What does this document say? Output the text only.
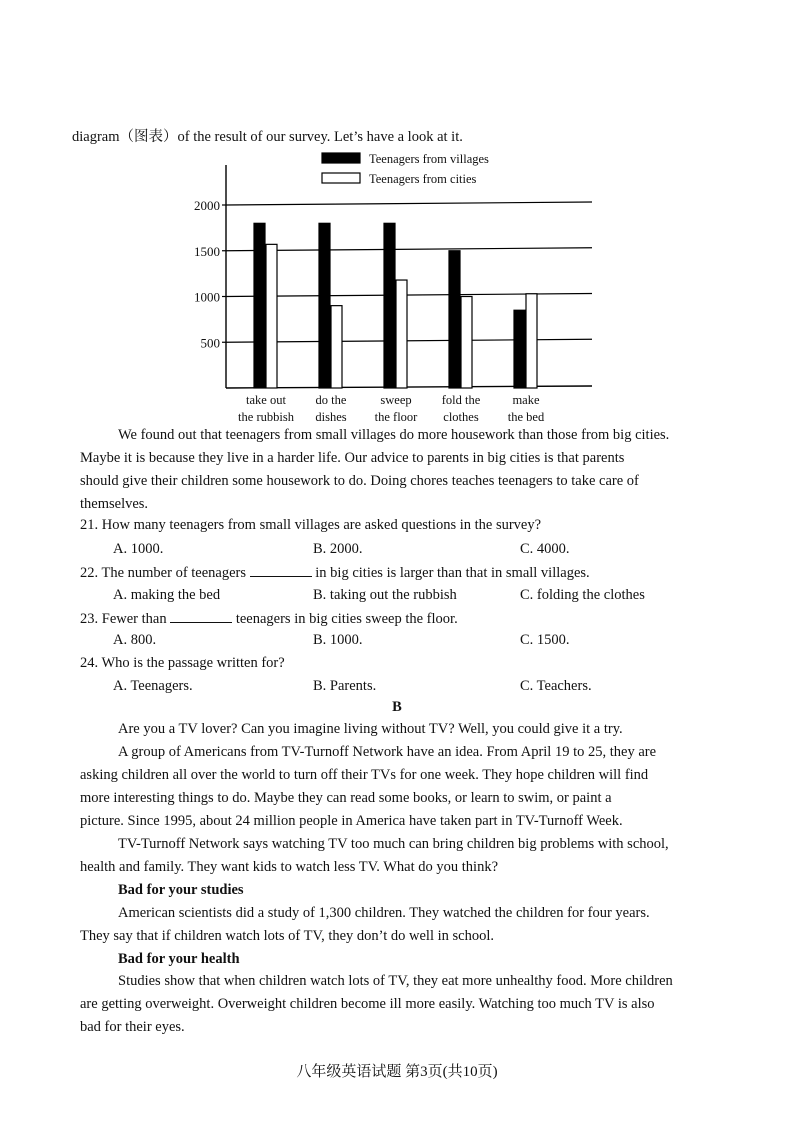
diagram（图表）of the result of our survey. Let’s have a look at it.
Teenagers from villages
Teenagers from cities
500
1000
1500
2000
take out
the rubbish
do the
dishes
sweep
the floor
fold the
clothes
make
the bed
We found out that teenagers from small villages do more housework than those from big cities.
Maybe it is because they live in a harder life. Our advice to parents in big cities is that parents
should give their children some housework to do. Doing chores teaches teenagers to take care of
themselves.
21. How many teenagers from small villages are asked questions in the survey?
A. 1000.	B. 2000.	C. 4000.
22. The number of teenagers	in big cities is larger than that in small villages.
A. making the bed	B. taking out the rubbish	C. folding the clothes
23. Fewer than	teenagers in big cities sweep the floor.
A. 800.	B. 1000.	C. 1500.
24. Who is the passage written for?
A. Teenagers.	B. Parents.	C. Teachers.
B
Are you a TV lover? Can you imagine living without TV? Well, you could give it a try.
A group of Americans from TV-Turnoff Network have an idea. From April 19 to 25, they are
asking children all over the world to turn off their TVs for one week. They hope children will find
more interesting things to do. Maybe they can read some books, or learn to swim, or paint a
picture. Since 1995, about 24 million people in America have taken part in TV-Turnoff Week.
TV-Turnoff Network says watching TV too much can bring children big problems with school,
health and family. They want kids to watch less TV. What do you think?
Bad for your studies
American scientists did a study of 1,300 children. They watched the children for four years.
They say that if children watch lots of TV, they don’t do well in school.
Bad for your health
Studies show that when children watch lots of TV, they eat more unhealthy food. More children
are getting overweight. Overweight children become ill more easily. Watching too much TV is also
bad for their eyes.
八年级英语试题 第3页(共10页)
